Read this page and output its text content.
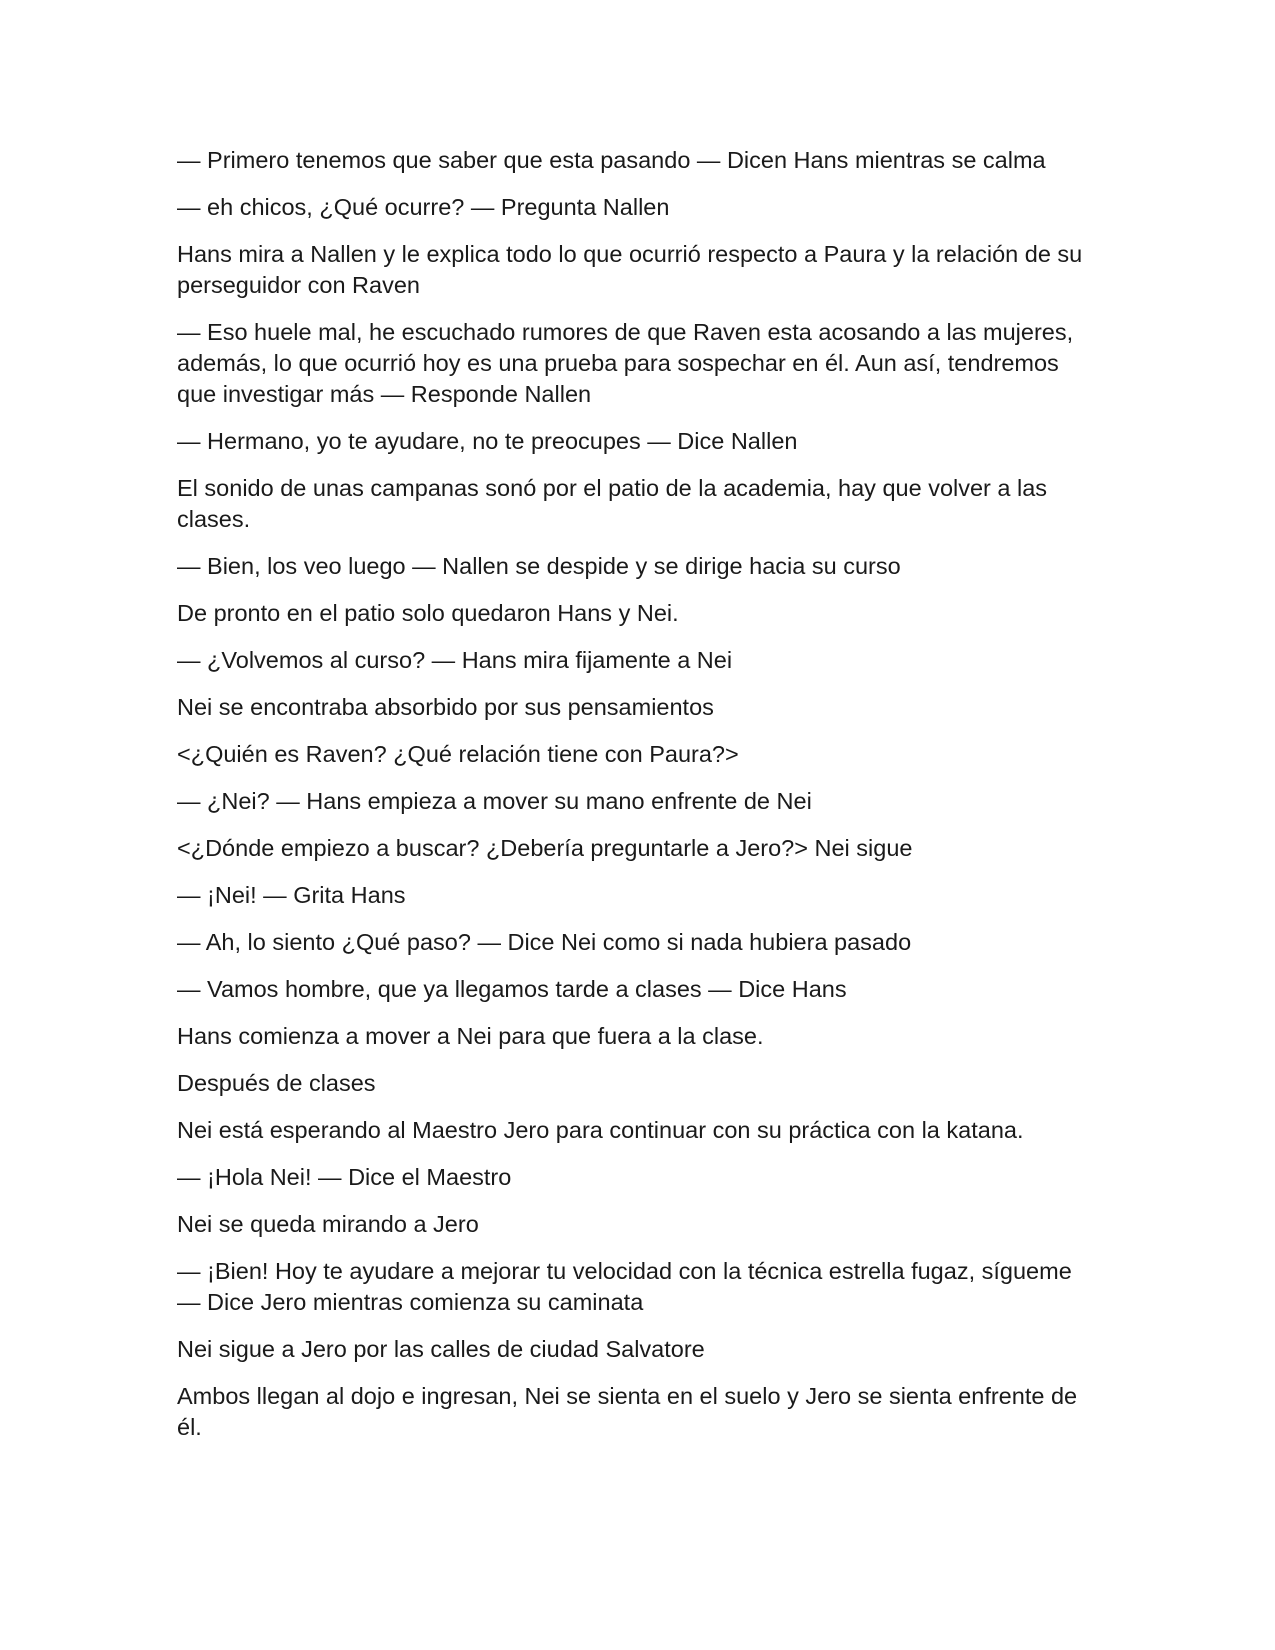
— Primero tenemos que saber que esta pasando — Dicen Hans mientras se calma

— eh chicos, ¿Qué ocurre? — Pregunta Nallen

Hans mira a Nallen y le explica todo lo que ocurrió respecto a Paura y la relación de su perseguidor con Raven

— Eso huele mal, he escuchado rumores de que Raven esta acosando a las mujeres, además, lo que ocurrió hoy es una prueba para sospechar en él. Aun así, tendremos que investigar más — Responde Nallen

— Hermano, yo te ayudare, no te preocupes — Dice Nallen

El sonido de unas campanas sonó por el patio de la academia, hay que volver a las clases.

— Bien, los veo luego — Nallen se despide y se dirige hacia su curso

De pronto en el patio solo quedaron Hans y Nei.

— ¿Volvemos al curso? — Hans mira fijamente a Nei

Nei se encontraba absorbido por sus pensamientos

<¿Quién es Raven? ¿Qué relación tiene con Paura?>

— ¿Nei? — Hans empieza a mover su mano enfrente de Nei

<¿Dónde empiezo a buscar? ¿Debería preguntarle a Jero?> Nei sigue

— ¡Nei! — Grita Hans

— Ah, lo siento ¿Qué paso? — Dice Nei como si nada hubiera pasado

— Vamos hombre, que ya llegamos tarde a clases — Dice Hans

Hans comienza a mover a Nei para que fuera a la clase.

Después de clases

Nei está esperando al Maestro Jero para continuar con su práctica con la katana.

— ¡Hola Nei! — Dice el Maestro

Nei se queda mirando a Jero

— ¡Bien! Hoy te ayudare a mejorar tu velocidad con la técnica estrella fugaz, sígueme — Dice Jero mientras comienza su caminata

Nei sigue a Jero por las calles de ciudad Salvatore

Ambos llegan al dojo e ingresan, Nei se sienta en el suelo y Jero se sienta enfrente de él.
